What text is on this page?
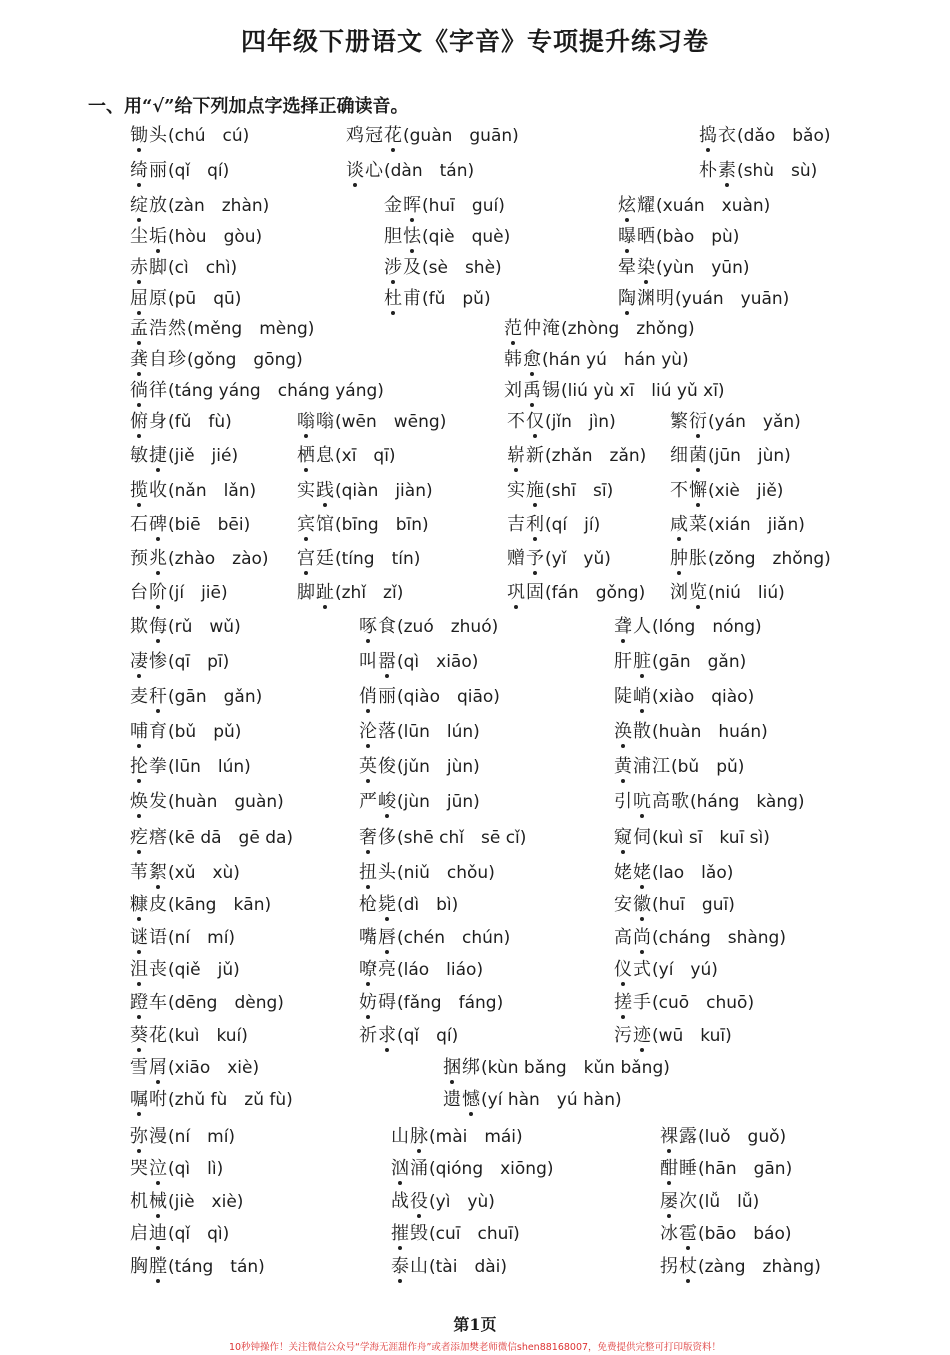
四年级下册语文《字音》专项提升练习卷
一、用“√”给下列加点字选择正确读音。
锄头(chú　cú)	鸡冠花(guàn　guān)	捣衣(dǎo　bǎo)
绮丽(qǐ　qí)	谈心(dàn　tán)	朴素(shù　sù)
绽放(zàn　zhàn)	金晖(huī　guí)	炫耀(xuán　xuàn)
尘垢(hòu　gòu)	胆怯(qiè　què)	曝晒(bào　pù)
赤脚(cì　chì)	涉及(sè　shè)	晕染(yùn　yūn)
屈原(pū　qū)	杜甫(fǔ　pǔ)	陶渊明(yuán　yuān)
孟浩然(měng　mèng)	范仲淹(zhòng　zhǒng)
龚自珍(gǒng　gōng)	韩愈(hán yú　hán yù)
徜徉(táng yáng　cháng yáng)	刘禹锡(liú yù xī　liú yǔ xī)
俯身(fǔ　fù)	嗡嗡(wēn　wēng)	不仅(jǐn　jìn)	繁衍(yán　yǎn)
敏捷(jiě　jié)	栖息(xī　qī)	崭新(zhǎn　zǎn) 细菌(jūn　jùn)
揽收(nǎn　lǎn) 实践(qiàn　jiàn)	实施(shī　sī)	不懈(xiè　jiě)
石碑(biē　bēi)	宾馆(bīng　bīn)	吉利(qí　jí)	咸菜(xián　jiǎn)
预兆(zhào　zào) 宫廷(tíng　tín)	赠予(yǐ　yǔ)	肿胀(zǒng　zhǒng)
台阶(jí　jiē)	脚趾(zhǐ　zǐ)	巩固(fán　gǒng) 浏览(niú　liú)
欺侮(rǔ　wǔ)	啄食(zuó　zhuó)	聋人(lóng　nóng)
凄惨(qī　pī)	叫嚣(qì　xiāo)	肝脏(gān　gǎn)
麦秆(gān　gǎn)	俏丽(qiào　qiāo)	陡峭(xiào　qiào)
哺育(bǔ　pǔ)	沦落(lūn　lún)	涣散(huàn　huán)
抡拳(lūn　lún)	英俊(jǔn　jùn)	黄浦江(bǔ　pǔ)
焕发(huàn　guàn)	严峻(jùn　jūn)	引吭高歌(háng　kàng)
疙瘩(kē dā　gē da)	奢侈(shē chǐ　sē cǐ)	窥伺(kuì sī　kuī sì)
苇絮(xǔ　xù)	扭头(niǔ　chǒu)	姥姥(lao　lǎo)
糠皮(kāng　kān)	枪毙(dì　bì)	安徽(huī　guī)
谜语(ní　mí)	嘴唇(chén　chún)	高尚(cháng　shàng)
沮丧(qiě　jǔ)	嘹亮(láo　liáo)	仪式(yí　yú)
蹬车(dēng　dèng)	妨碍(fǎng　fáng)	搓手(cuō　chuō)
葵花(kuì　kuí)	祈求(qǐ　qí)	污迹(wū　kuī)
雪屑(xiāo　xiè)	捆绑(kùn bǎng　kǔn bǎng)
嘱咐(zhǔ fù　zǔ fù)	遗憾(yí hàn　yú hàn)
弥漫(ní　mí)	山脉(mài　mái)	裸露(luǒ　guǒ)
哭泣(qì　lì)	汹涌(qióng　xiōng)	酣睡(hān　gān)
机械(jiè　xiè)	战役(yì　yù)	屡次(lǚ　lǚ)
启迪(qǐ　qì)	摧毁(cuī　chuī)	冰雹(bāo　báo)
胸膛(táng　tán)	泰山(tài　dài)	拐杖(zàng　zhàng)
第1页
10秒钟操作！关注微信公众号“学海无涯甜作舟”或者添加樊老师微信shen88168007，免费提供完整可打印版资料！
